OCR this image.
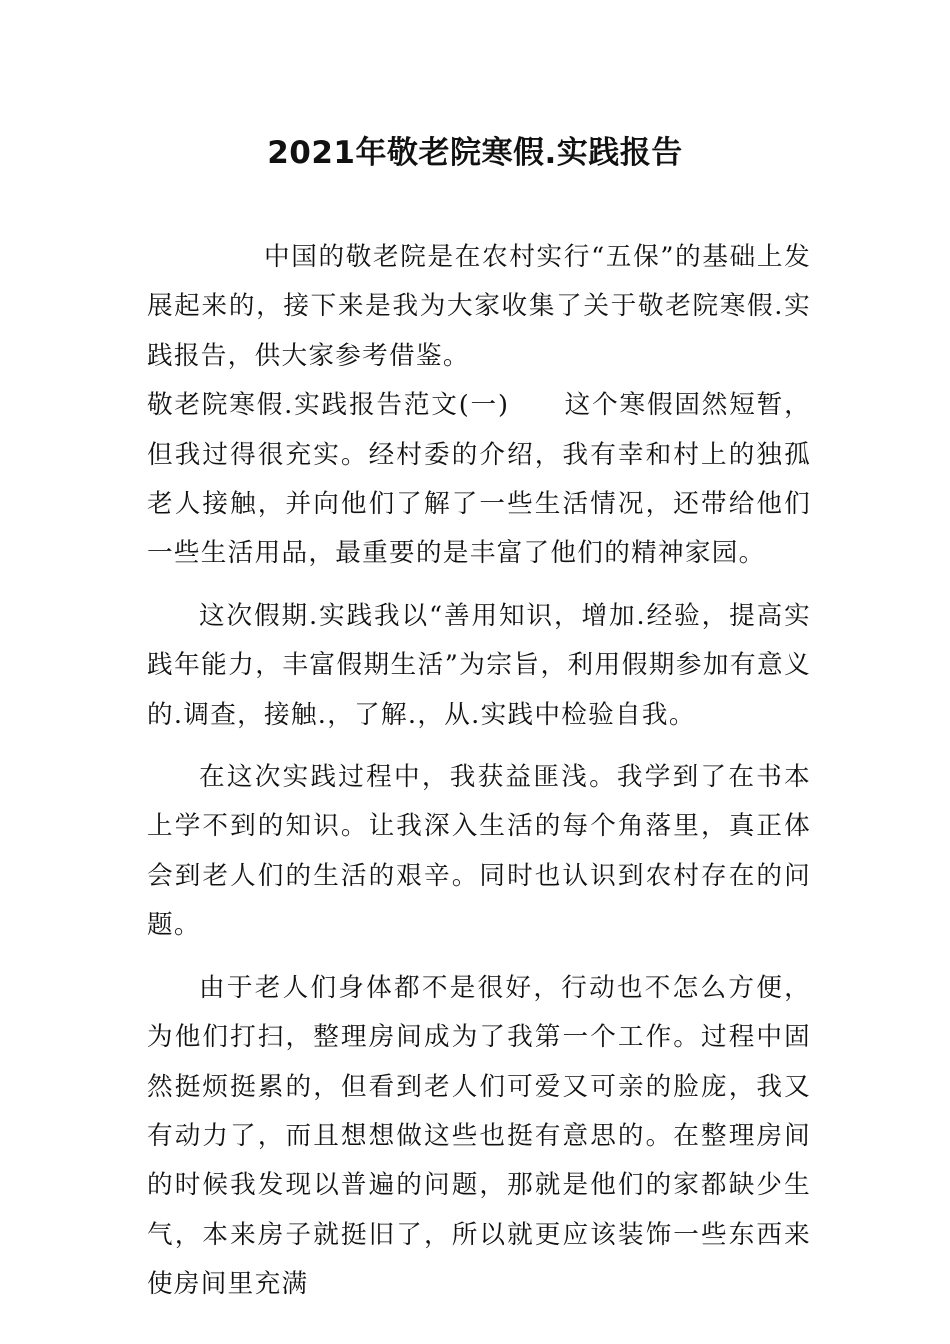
2021年敬老院寒假.实践报告

中国的敬老院是在农村实行“五保”的基础上发展起来的，接下来是我为大家收集了关于敬老院寒假.实践报告，供大家参考借鉴。

敬老院寒假.实践报告范文(一)　　这个寒假固然短暂，但我过得很充实。经村委的介绍，我有幸和村上的独孤老人接触，并向他们了解了一些生活情况，还带给他们一些生活用品，最重要的是丰富了他们的精神家园。

这次假期.实践我以“善用知识，增加.经验，提高实践年能力，丰富假期生活”为宗旨，利用假期参加有意义的.调查，接触.，了解.，从.实践中检验自我。

在这次实践过程中，我获益匪浅。我学到了在书本上学不到的知识。让我深入生活的每个角落里，真正体会到老人们的生活的艰辛。同时也认识到农村存在的问题。

由于老人们身体都不是很好，行动也不怎么方便，为他们打扫，整理房间成为了我第一个工作。过程中固然挺烦挺累的，但看到老人们可爱又可亲的脸庞，我又有动力了，而且想想做这些也挺有意思的。在整理房间的时候我发现以普遍的问题，那就是他们的家都缺少生气，本来房子就挺旧了，所以就更应该装饰一些东西来使房间里充满
